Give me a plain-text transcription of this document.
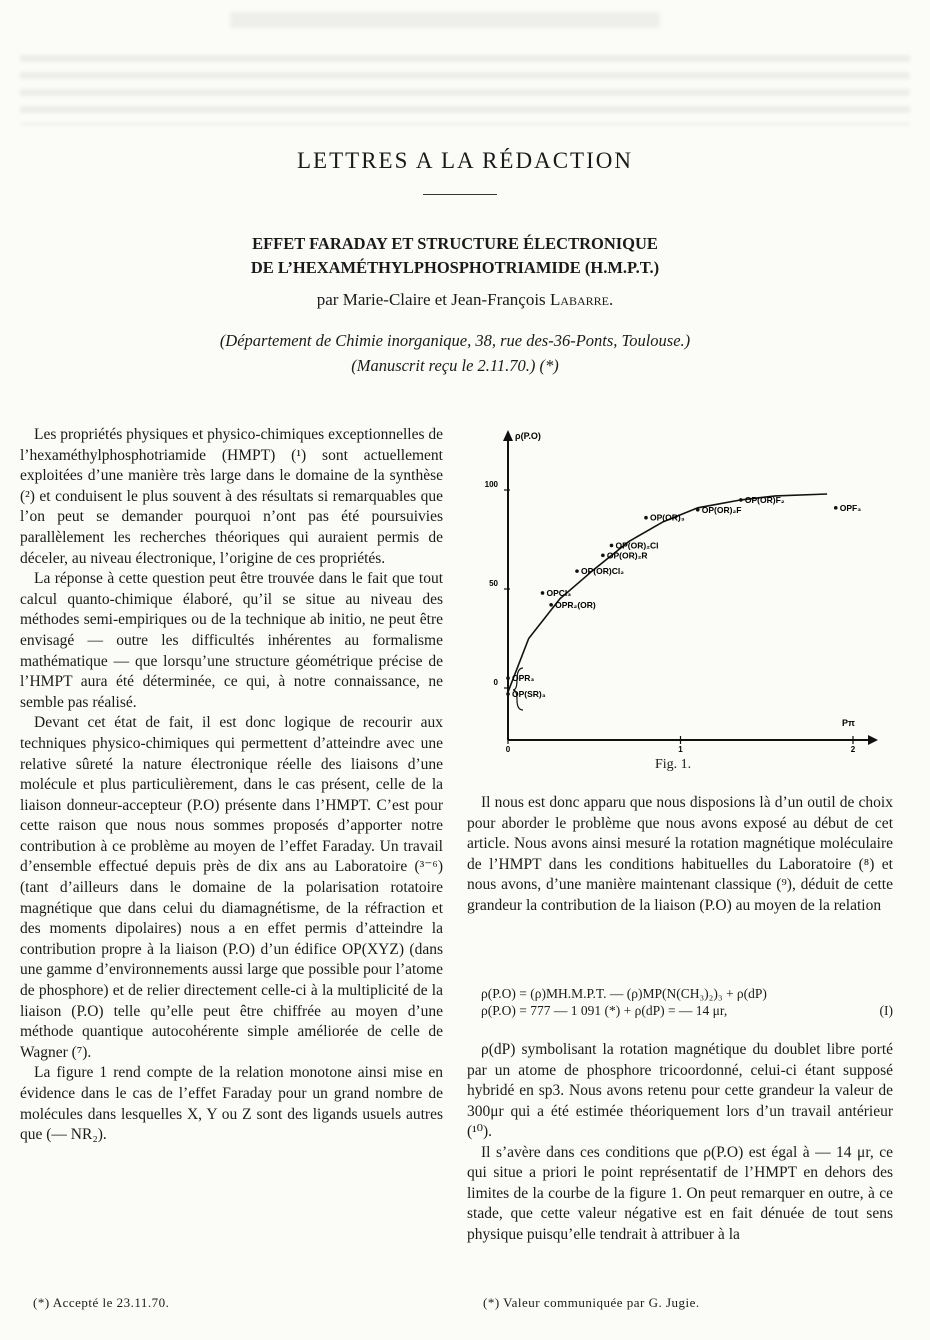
LETTRES A LA RÉDACTION
EFFET FARADAY ET STRUCTURE ÉLECTRONIQUE
DE L’HEXAMÉTHYLPHOSPHOTRIAMIDE (H.M.P.T.)
par Marie-Claire et Jean-François Labarre.
(Département de Chimie inorganique, 38, rue des-36-Ponts, Toulouse.)
(Manuscrit reçu le 2.11.70.) (*)

Les propriétés physiques et physico-chimiques exceptionnelles de l’hexaméthylphosphotriamide (HMPT) (¹) sont actuellement exploitées d’une manière très large dans le domaine de la synthèse (²) et conduisent le plus souvent à des résultats si remarquables que l’on peut se demander pourquoi n’ont pas été poursuivies parallèlement les recherches théoriques qui auraient permis de déceler, au niveau électronique, l’origine de ces propriétés.

La réponse à cette question peut être trouvée dans le fait que tout calcul quanto-chimique élaboré, qu’il se situe au niveau des méthodes semi-empiriques ou de la technique ab initio, ne peut être envisagé — outre les difficultés inhérentes au formalisme mathématique — que lorsqu’une structure géométrique précise de l’HMPT aura été déterminée, ce qui, à notre connaissance, ne semble pas réalisé.

Devant cet état de fait, il est donc logique de recourir aux techniques physico-chimiques qui permettent d’atteindre avec une relative sûreté la nature électronique réelle des liaisons d’une molécule et plus particulièrement, dans le cas présent, celle de la liaison donneur-accepteur (P.O) présente dans l’HMPT. C’est pour cette raison que nous nous sommes proposés d’apporter notre contribution à ce problème au moyen de l’effet Faraday. Un travail d’ensemble effectué depuis près de dix ans au Laboratoire (³⁻⁶) (tant d’ailleurs dans le domaine de la polarisation rotatoire magnétique que dans celui du diamagnétisme, de la réfraction et des moments dipolaires) nous a en effet permis d’atteindre la contribution propre à la liaison (P.O) d’un édifice OP(XYZ) (dans une gamme d’environnements aussi large que possible pour l’atome de phosphore) et de relier directement celle-ci à la multiplicité de la liaison (P.O) telle qu’elle peut être chiffrée au moyen d’une méthode quantique autocohérente simple améliorée de celle de Wagner (⁷).

La figure 1 rend compte de la relation monotone ainsi mise en évidence dans le cas de l’effet Faraday pour un grand nombre de molécules dans lesquelles X, Y ou Z sont des ligands usuels autres que (— NR₂).

0
50
100
0	1	2
ρ(P.O)
Pπ
OPR₃
OP(SR)₃
OPCl₃
OPR₂(OR)
OP(OR)Cl₂
OP(OR)₂R
OP(OR)₂Cl
OP(OR)₃
OP(OR)₂F
OP(OR)F₂
OPF₃
Fig. 1.

Il nous est donc apparu que nous disposions là d’un outil de choix pour aborder le problème que nous avons exposé au début de cet article. Nous avons ainsi mesuré la rotation magnétique moléculaire de l’HMPT dans les conditions habituelles du Laboratoire (⁸) et nous avons, d’une manière maintenant classique (⁹), déduit de cette grandeur la contribution de la liaison (P.O) au moyen de la relation

ρ(P.O) = (ρ)MH.M.P.T. — (ρ)MP(N(CH₃)₂)₃ + ρ(dP)
ρ(P.O) = 777 — 1 091 (*) + ρ(dP) = — 14 μr,	(I)

ρ(dP) symbolisant la rotation magnétique du doublet libre porté par un atome de phosphore tricoordonné, celui-ci étant supposé hybridé en sp3. Nous avons retenu pour cette grandeur la valeur de 300μr qui a été estimée théoriquement lors d’un travail antérieur (¹⁰).

Il s’avère dans ces conditions que ρ(P.O) est égal à — 14 μr, ce qui situe a priori le point représentatif de l’HMPT en dehors des limites de la courbe de la figure 1. On peut remarquer en outre, à ce stade, que cette valeur négative est en fait dénuée de tout sens physique puisqu’elle tendrait à attribuer à la

(*) Accepté le 23.11.70.	(*) Valeur communiquée par G. Jugie.
